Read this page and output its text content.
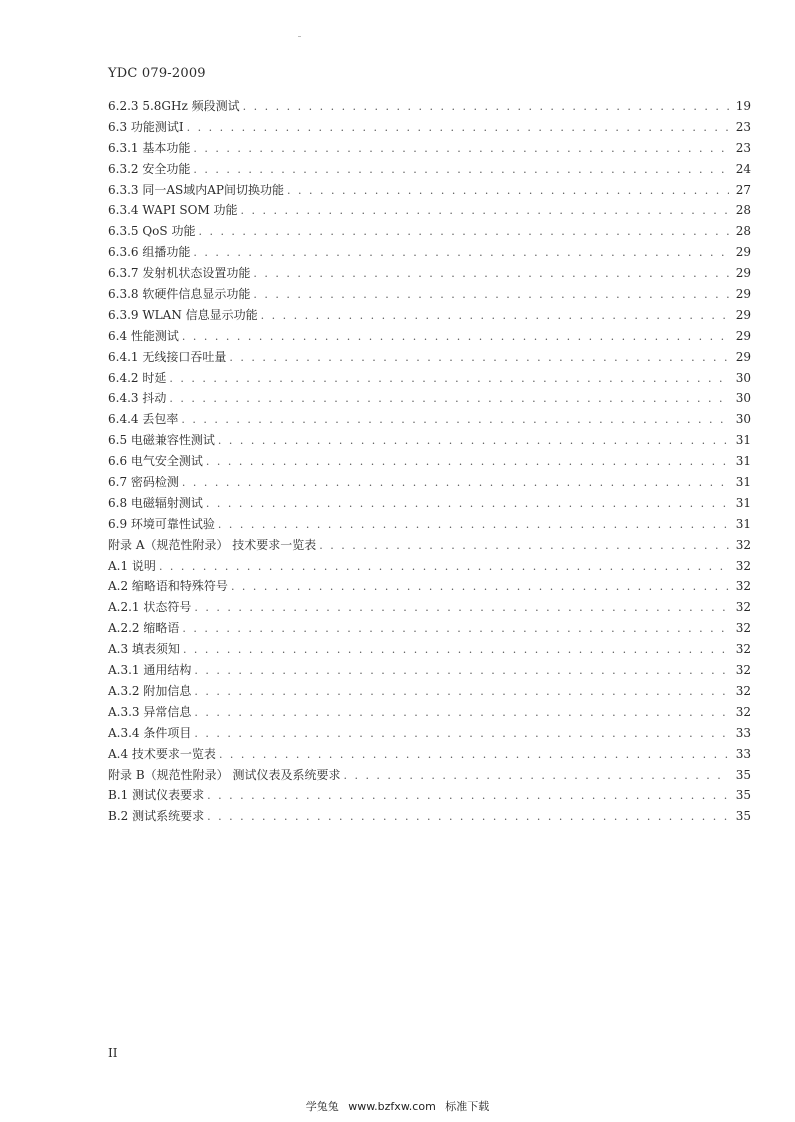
YDC 079-2009
6.2.3 5.8GHz 频段测试 . . .	19
6.3 功能测试I . . .	23
6.3.1 基本功能 . . .	23
6.3.2 安全功能 . . .	24
6.3.3 同一AS域内AP间切换功能 . . .	27
6.3.4 WAPI SOM 功能 . . .	28
6.3.5 QoS 功能 . . .	28
6.3.6 组播功能 . . .	29
6.3.7 发射机状态设置功能 . . .	29
6.3.8 软硬件信息显示功能 . . .	29
6.3.9 WLAN 信息显示功能 . . .	29
6.4 性能测试 . . .	29
6.4.1 无线接口吞吐量 . . .	29
6.4.2 时延 . . .	30
6.4.3 抖动 . . .	30
6.4.4 丢包率 . . .	30
6.5 电磁兼容性测试 . . .	31
6.6 电气安全测试 . . .	31
6.7 密码检测 . . .	31
6.8 电磁辐射测试 . . .	31
6.9 环境可靠性试验 . . .	31
附录 A（规范性附录） 技术要求一览表 . . .	32
A.1 说明 . . .	32
A.2 缩略语和特殊符号 . . .	32
A.2.1 状态符号 . . .	32
A.2.2 缩略语 . . .	32
A.3 填表须知 . . .	32
A.3.1 通用结构 . . .	32
A.3.2 附加信息 . . .	32
A.3.3 异常信息 . . .	32
A.3.4 条件项目 . . .	33
A.4 技术要求一览表 . . .	33
附录 B（规范性附录） 测试仪表及系统要求 . . .	35
B.1 测试仪表要求 . . .	35
B.2 测试系统要求 . . .	35
II
学兔兔 www.bzfxw.com 标准下载
